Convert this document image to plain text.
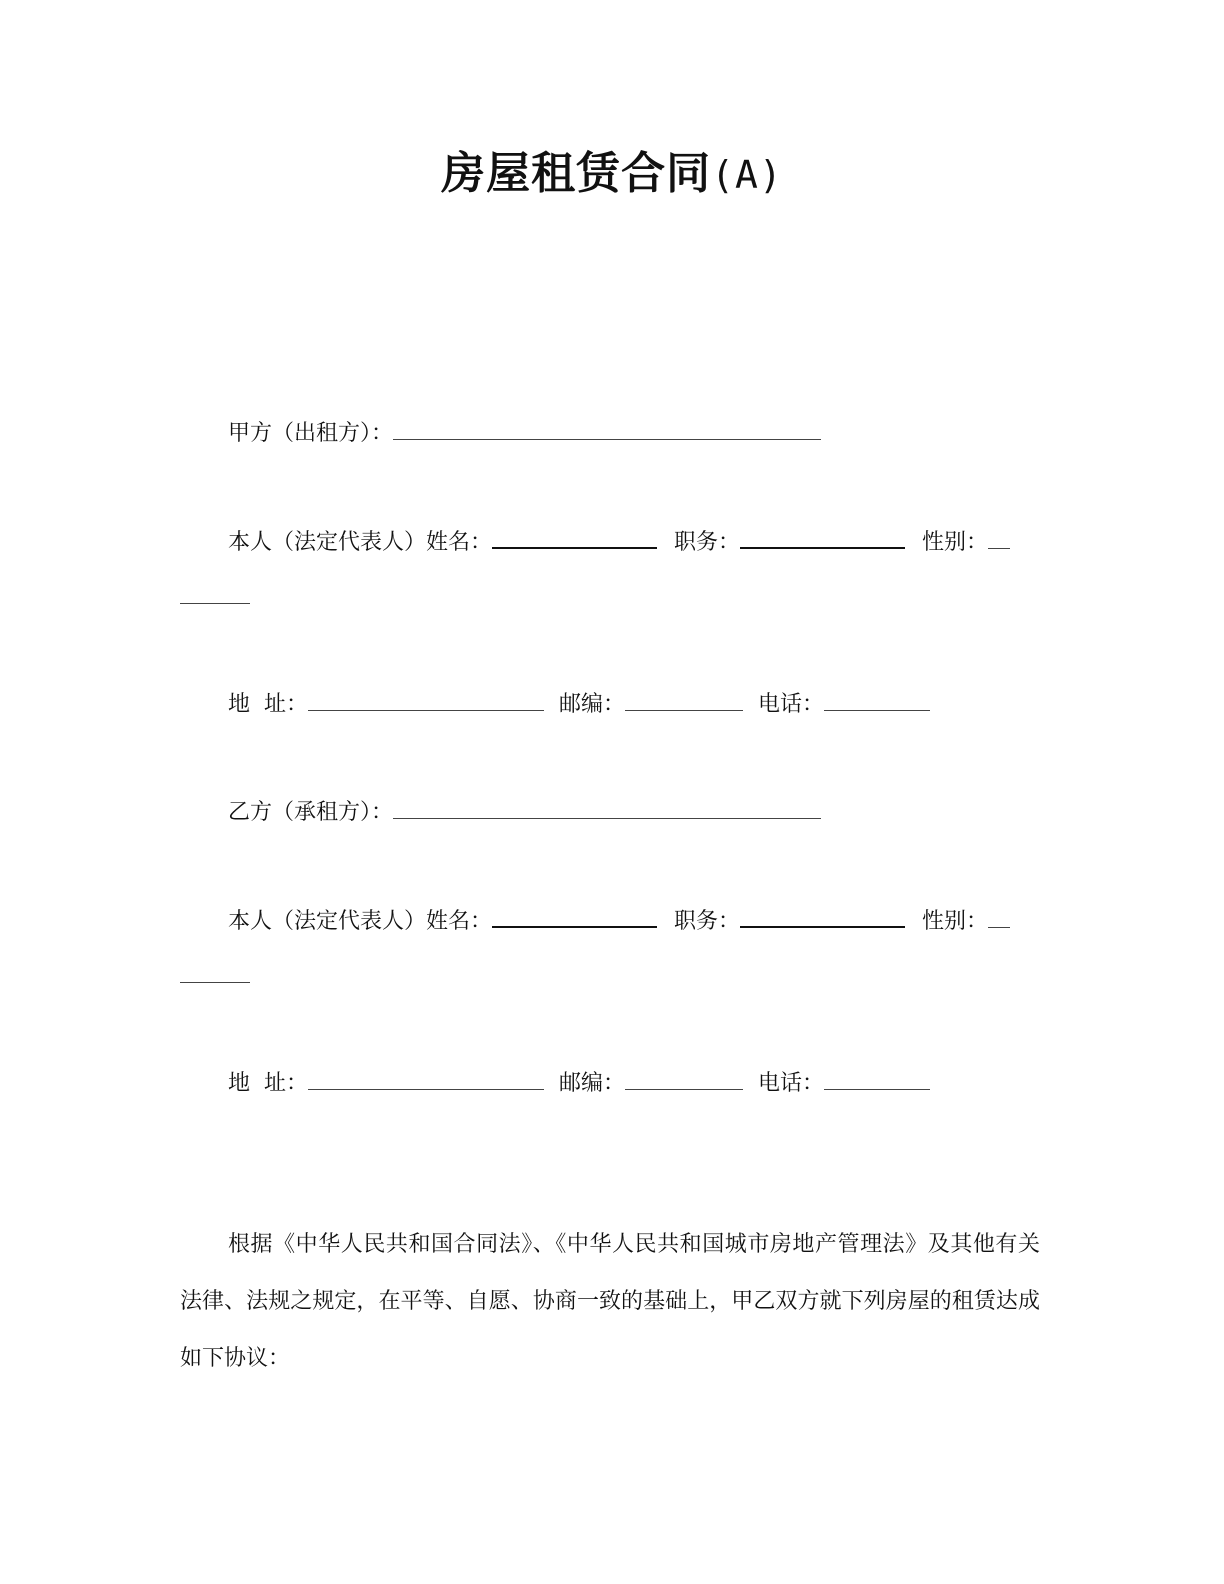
房屋租赁合同(A)
甲方（出租方）：
本人（法定代表人）姓名：	职务：	性别：
地  址：	邮编：	电话：
乙方（承租方）：
本人（法定代表人）姓名：	职务：	性别：
地  址：	邮编：	电话：
根据《中华人民共和国合同法》、《中华人民共和国城市房地产管理法》及其他有关法律、法规之规定，在平等、自愿、协商一致的基础上，甲乙双方就下列房屋的租赁达成如下协议：
